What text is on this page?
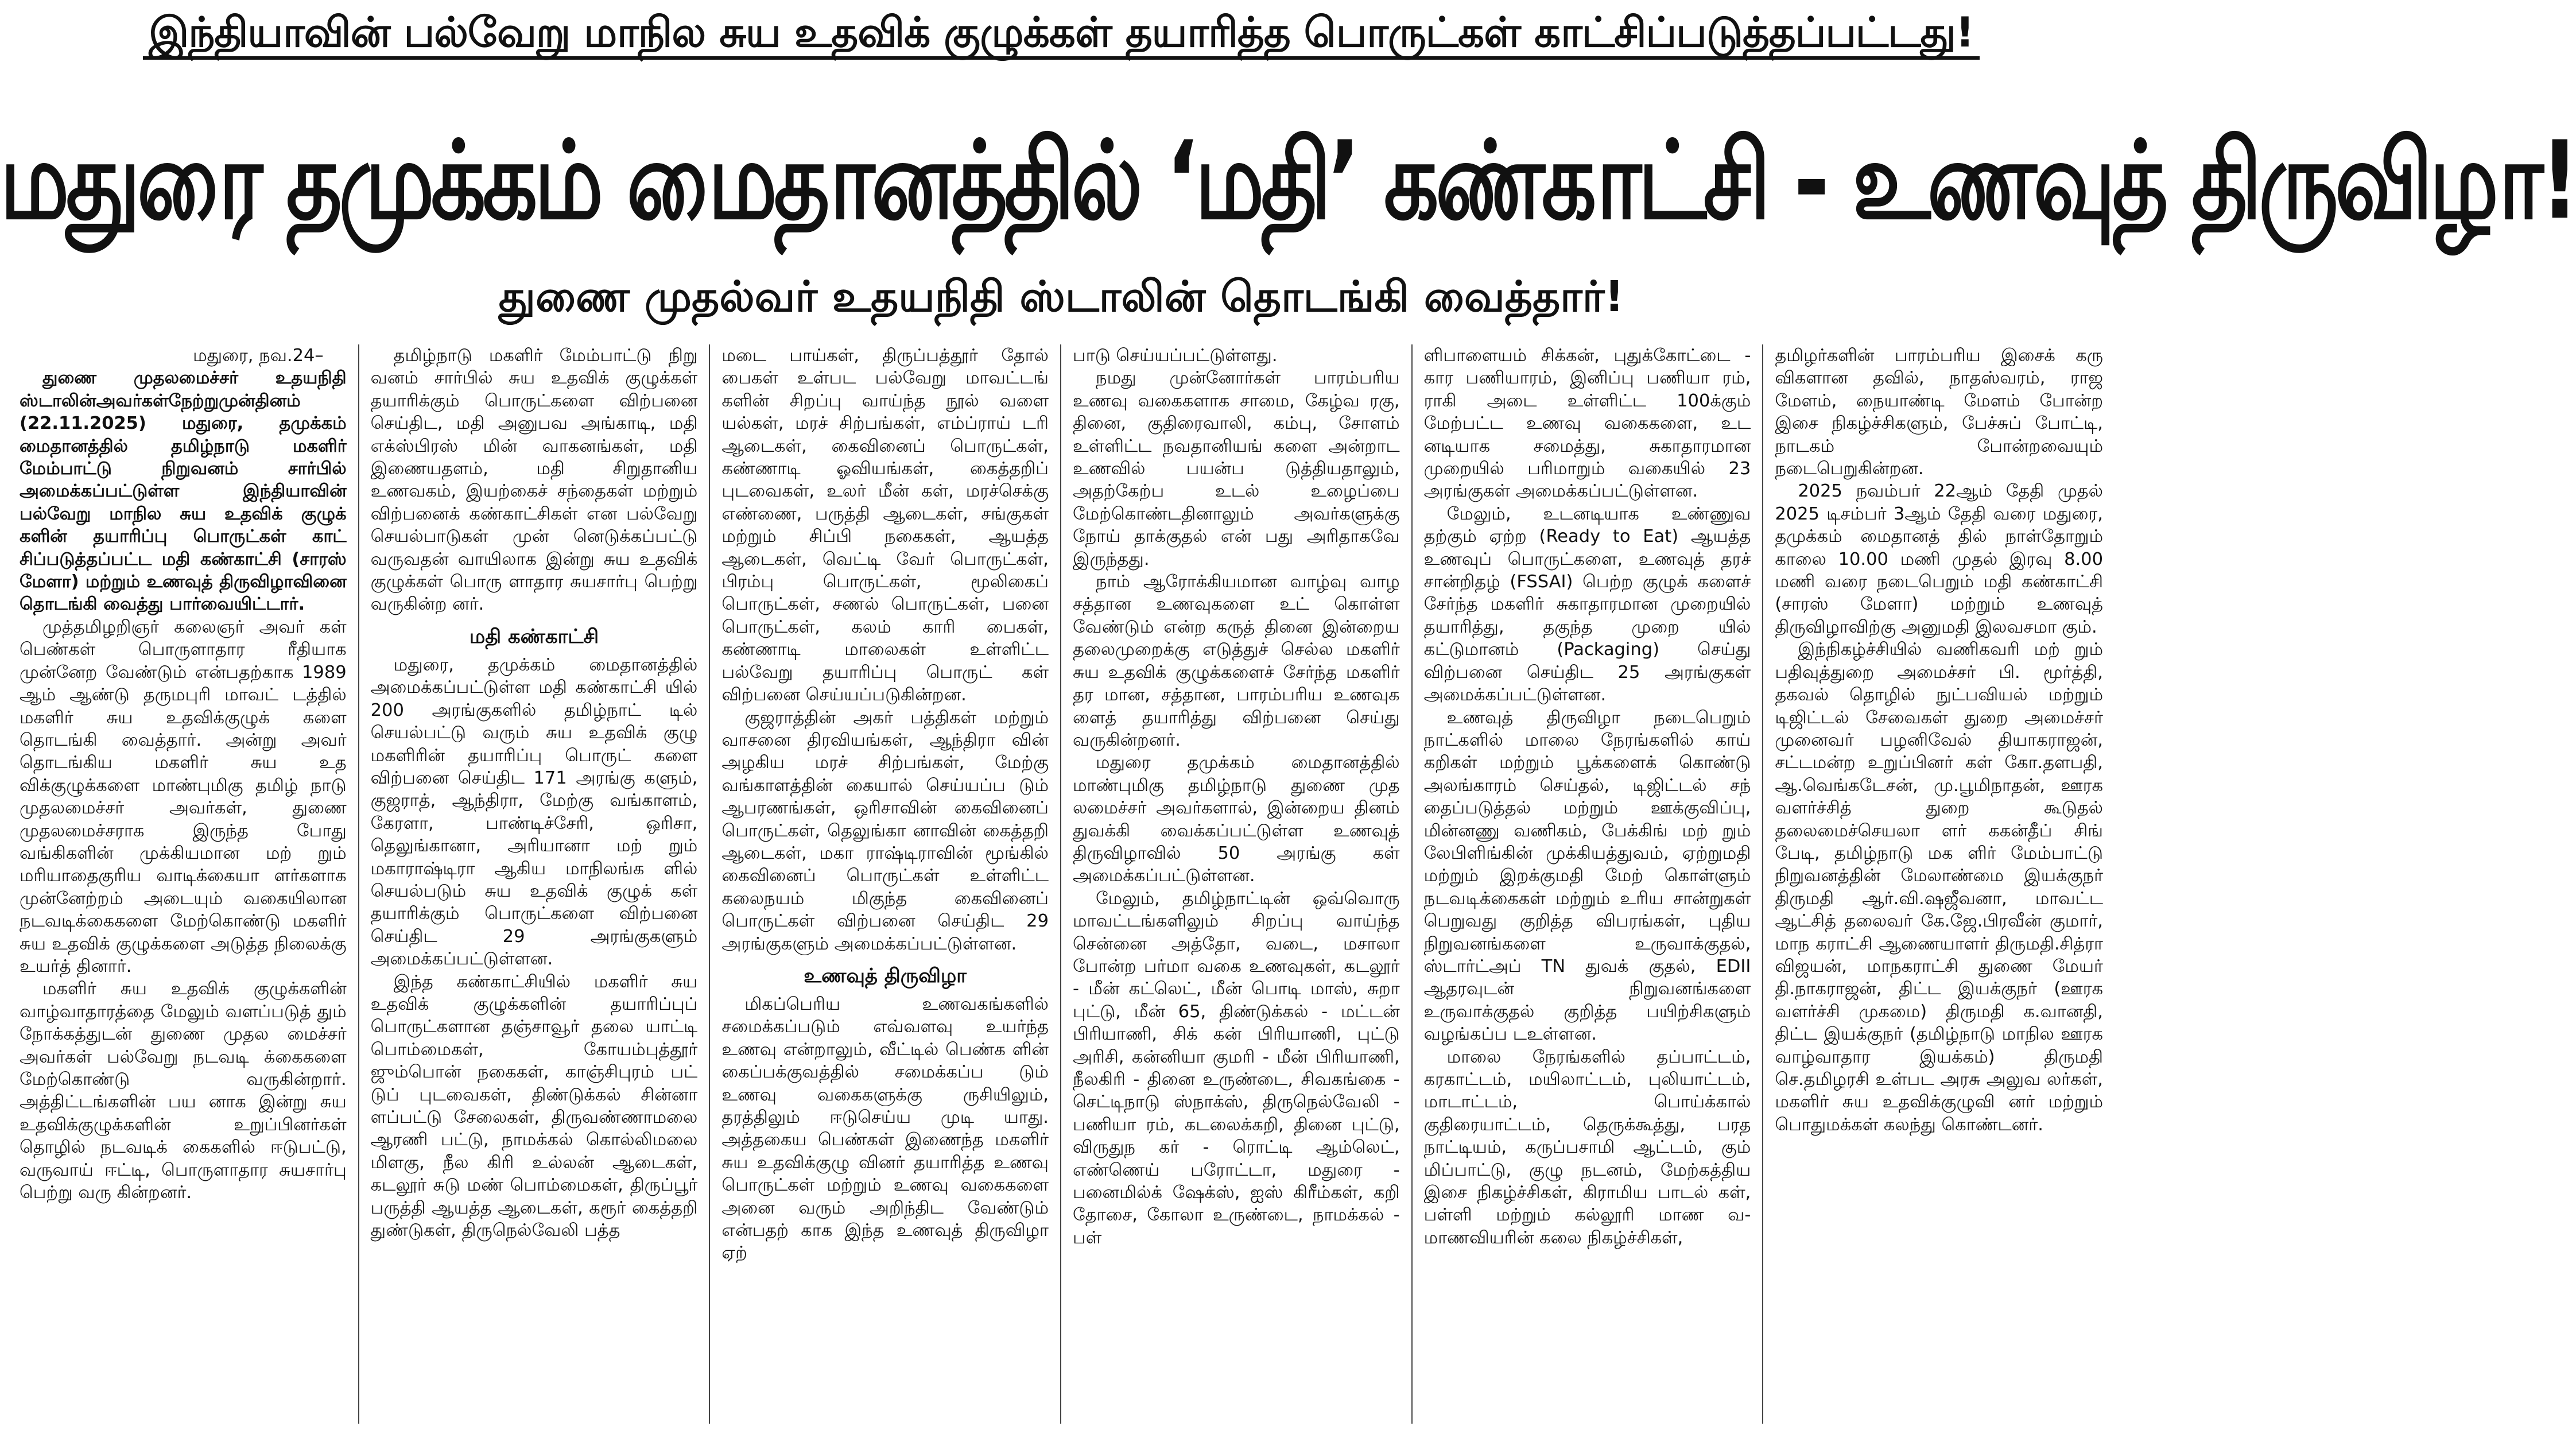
இந்தியாவின் பல்வேறு மாநில சுய உதவிக் குழுக்கள் தயாரித்த பொருட்கள் காட்சிப்படுத்தப்பட்டது!
மதுரை தமுக்கம் மைதானத்தில் ‘மதி’ கண்காட்சி - உணவுத் திருவிழா!
துணை முதல்வர் உதயநிதி ஸ்டாலின் தொடங்கி வைத்தார்!

மதுரை, நவ.24–

துணை முதலமைச்சர் உதயநிதி ஸ்டாலின்அவர்கள்நேற்றுமுன்தினம் (22.11.2025) மதுரை, தமுக்கம் மைதானத்தில் தமிழ்நாடு மகளிர் மேம்பாட்டு நிறுவனம் சார்பில் அமைக்கப்பட்டுள்ள இந்தியாவின் பல்வேறு மாநில சுய உதவிக் குழுக் களின் தயாரிப்பு பொருட்கள் காட் சிப்படுத்தப்பட்ட மதி கண்காட்சி (சாரஸ் மேளா) மற்றும் உணவுத் திருவிழாவினை தொடங்கி வைத்து பார்வையிட்டார்.

முத்தமிழறிஞர் கலைஞர் அவர் கள் பெண்கள் பொருளாதார ரீதியாக முன்னேற வேண்டும் என்பதற்காக 1989 ஆம் ஆண்டு தருமபுரி மாவட் டத்தில் மகளிர் சுய உதவிக்குழுக் களை தொடங்கி வைத்தார். அன்று அவர் தொடங்கிய மகளிர் சுய உத விக்குழுக்களை மாண்புமிகு தமிழ் நாடு முதலமைச்சர் அவர்கள், துணை முதலமைச்சராக இருந்த போது வங்கிகளின் முக்கியமான மற் றும் மரியாதைகுரிய வாடிக்கையா ளர்களாக முன்னேற்றம் அடையும் வகையிலான நடவடிக்கைகளை மேற்கொண்டு மகளிர் சுய உதவிக் குழுக்களை அடுத்த நிலைக்கு உயர்த் தினார்.

மகளிர் சுய உதவிக் குழுக்களின் வாழ்வாதாரத்தை மேலும் வளப்படுத் தும் நோக்கத்துடன் துணை முதல மைச்சர் அவர்கள் பல்வேறு நடவடி க்கைகளை மேற்கொண்டு வருகின்றார். அத்திட்டங்களின் பய னாக இன்று சுய உதவிக்குழுக்களின் உறுப்பினர்கள் தொழில் நடவடிக் கைகளில் ஈடுபட்டு, வருவாய் ஈட்டி, பொருளாதார சுயசார்பு பெற்று வரு கின்றனர்.

தமிழ்நாடு மகளிர் மேம்பாட்டு நிறு வனம் சார்பில் சுய உதவிக் குழுக்கள் தயாரிக்கும் பொருட்களை விற்பனை செய்திட, மதி அனுபவ அங்காடி, மதி எக்ஸ்பிரஸ் மின் வாகனங்கள், மதி இணையதளம், மதி சிறுதானிய உணவகம், இயற்கைச் சந்தைகள் மற்றும் விற்பனைக் கண்காட்சிகள் என பல்வேறு செயல்பாடுகள் முன் னெடுக்கப்பட்டு வருவதன் வாயிலாக இன்று சுய உதவிக் குழுக்கள் பொரு ளாதார சுயசார்பு பெற்று வருகின்ற னர்.

மதி கண்காட்சி

மதுரை, தமுக்கம் மைதானத்தில் அமைக்கப்பட்டுள்ள மதி கண்காட்சி யில் 200 அரங்குகளில் தமிழ்நாட் டில் செயல்பட்டு வரும் சுய உதவிக் குழு மகளிரின் தயாரிப்பு பொருட் களை விற்பனை செய்திட 171 அரங்கு களும், குஜராத், ஆந்திரா, மேற்கு வங்காளம், கேரளா, பாண்டிச்சேரி, ஒரிசா, தெலுங்கானா, அரியானா மற் றும் மகாராஷ்டிரா ஆகிய மாநிலங்க ளில் செயல்படும் சுய உதவிக் குழுக் கள் தயாரிக்கும் பொருட்களை விற்பனை செய்திட 29 அரங்குகளும் அமைக்கப்பட்டுள்ளன.

இந்த கண்காட்சியில் மகளிர் சுய உதவிக் குழுக்களின் தயாரிப்புப் பொருட்களான தஞ்சாவூர் தலை யாட்டி பொம்மைகள், கோயம்புத்தூர் ஜும்பொன் நகைகள், காஞ்சிபுரம் பட் டுப் புடவைகள், திண்டுக்கல் சின்னா ளப்பட்டு சேலைகள், திருவண்ணாமலை ஆரணி பட்டு, நாமக்கல் கொல்லிமலை மிளகு, நீல கிரி உல்லன் ஆடைகள், கடலூர் சுடு மண் பொம்மைகள், திருப்பூர் பருத்தி ஆயத்த ஆடைகள், கரூர் கைத்தறி துண்டுகள், திருநெல்வேலி பத்த

மடை பாய்கள், திருப்பத்தூர் தோல் பைகள் உள்பட பல்வேறு மாவட்டங் களின் சிறப்பு வாய்ந்த நூல் வளை யல்கள், மரச் சிற்பங்கள், எம்ப்ராய் டரி ஆடைகள், கைவினைப் பொருட்கள், கண்ணாடி ஓவியங்கள், கைத்தறிப் புடவைகள், உலர் மீன் கள், மரச்செக்கு எண்ணை, பருத்தி ஆடைகள், சங்குகள் மற்றும் சிப்பி நகைகள், ஆயத்த ஆடைகள், வெட்டி வேர் பொருட்கள், பிரம்பு பொருட்கள், மூலிகைப் பொருட்கள், சணல் பொருட்கள், பனை பொருட்கள், கலம் காரி பைகள், கண்ணாடி மாலைகள் உள்ளிட்ட பல்வேறு தயாரிப்பு பொருட் கள் விற்பனை செய்யப்படுகின்றன.

குஜராத்தின் அகர் பத்திகள் மற்றும் வாசனை திரவியங்கள், ஆந்திரா வின் அழகிய மரச் சிற்பங்கள், மேற்கு வங்காளத்தின் கையால் செய்யப்ப டும் ஆபரணங்கள், ஒரிசாவின் கைவினைப் பொருட்கள், தெலுங்கா னாவின் கைத்தறி ஆடைகள், மகா ராஷ்டிராவின் மூங்கில் கைவினைப் பொருட்கள் உள்ளிட்ட கலைநயம் மிகுந்த கைவினைப் பொருட்கள் விற்பனை செய்திட 29 அரங்குகளும் அமைக்கப்பட்டுள்ளன.

உணவுத் திருவிழா

மிகப்பெரிய உணவகங்களில் சமைக்கப்படும் எவ்வளவு உயர்ந்த உணவு என்றாலும், வீட்டில் பெண்க ளின் கைப்பக்குவத்தில் சமைக்கப்ப டும் உணவு வகைகளுக்கு ருசியிலும், தரத்திலும் ஈடுசெய்ய முடி யாது. அத்தகைய பெண்கள் இணைந்த மகளிர் சுய உதவிக்குழு வினர் தயாரித்த உணவு பொருட்கள் மற்றும் உணவு வகைகளை அனை வரும் அறிந்திட வேண்டும் என்பதற் காக இந்த உணவுத் திருவிழா ஏற்

பாடு செய்யப்பட்டுள்ளது.

நமது முன்னோர்கள் பாரம்பரிய உணவு வகைகளாக சாமை, கேழ்வ ரகு, தினை, குதிரைவாலி, கம்பு, சோளம் உள்ளிட்ட நவதானியங் களை அன்றாட உணவில் பயன்ப டுத்தியதாலும், அதற்கேற்ப உடல் உழைப்பை மேற்கொண்டதினாலும் அவர்களுக்கு நோய் தாக்குதல் என் பது அரிதாகவே இருந்தது.

நாம் ஆரோக்கியமான வாழ்வு வாழ சத்தான உணவுகளை உட் கொள்ள வேண்டும் என்ற கருத் தினை இன்றைய தலைமுறைக்கு எடுத்துச் செல்ல மகளிர் சுய உதவிக் குழுக்களைச் சேர்ந்த மகளிர் தர மான, சத்தான, பாரம்பரிய உணவுக ளைத் தயாரித்து விற்பனை செய்து வருகின்றனர்.

மதுரை தமுக்கம் மைதானத்தில் மாண்புமிகு தமிழ்நாடு துணை முத லமைச்சர் அவர்களால், இன்றைய தினம் துவக்கி வைக்கப்பட்டுள்ள உணவுத் திருவிழாவில் 50 அரங்கு கள் அமைக்கப்பட்டுள்ளன.

மேலும், தமிழ்நாட்டின் ஒவ்வொரு மாவட்டங்களிலும் சிறப்பு வாய்ந்த சென்னை அத்தோ, வடை, மசாலா போன்ற பர்மா வகை உணவுகள், கடலூர் - மீன் கட்லெட், மீன் பொடி மாஸ், சுறா புட்டு, மீன் 65, திண்டுக்கல் - மட்டன் பிரியாணி, சிக் கன் பிரியாணி, புட்டு அரிசி, கன்னியா குமரி - மீன் பிரியாணி, நீலகிரி - தினை உருண்டை, சிவகங்கை - செட்டிநாடு ஸ்நாக்ஸ், திருநெல்வேலி - பணியா ரம், கடலைக்கறி, தினை புட்டு, விருதுந கர் - ரொட்டி ஆம்லெட், எண்ணெய் பரோட்டா, மதுரை - பனைமில்க் ஷேக்ஸ், ஐஸ் கிரீம்கள், கறி தோசை, கோலா உருண்டை, நாமக்கல் - பள்

ளிபாளையம் சிக்கன், புதுக்கோட்டை - கார பணியாரம், இனிப்பு பணியா ரம், ராகி அடை உள்ளிட்ட 100க்கும் மேற்பட்ட உணவு வகைகளை, உட னடியாக சமைத்து, சுகாதாரமான முறையில் பரிமாறும் வகையில் 23 அரங்குகள் அமைக்கப்பட்டுள்ளன.

மேலும், உடனடியாக உண்ணுவ தற்கும் ஏற்ற (Ready to Eat) ஆயத்த உணவுப் பொருட்களை, உணவுத் தரச் சான்றிதழ் (FSSAI) பெற்ற குழுக் களைச் சேர்ந்த மகளிர் சுகாதாரமான முறையில் தயாரித்து, தகுந்த முறை யில் கட்டுமானம் (Packaging) செய்து விற்பனை செய்திட 25 அரங்குகள் அமைக்கப்பட்டுள்ளன.

உணவுத் திருவிழா நடைபெறும் நாட்களில் மாலை நேரங்களில் காய் கறிகள் மற்றும் பூக்களைக் கொண்டு அலங்காரம் செய்தல், டிஜிட்டல் சந் தைப்படுத்தல் மற்றும் ஊக்குவிப்பு, மின்னணு வணிகம், பேக்கிங் மற் றும் லேபிளிங்கின் முக்கியத்துவம், ஏற்றுமதி மற்றும் இறக்குமதி மேற் கொள்ளும் நடவடிக்கைகள் மற்றும் உரிய சான்றுகள் பெறுவது குறித்த விபரங்கள், புதிய நிறுவனங்களை உருவாக்குதல், ஸ்டார்ட்அப் TN துவக் குதல், EDII ஆதரவுடன் நிறுவனங்களை உருவாக்குதல் குறித்த பயிற்சிகளும் வழங்கப்ப டஉள்ளன.

மாலை நேரங்களில் தப்பாட்டம், கரகாட்டம், மயிலாட்டம், புலியாட்டம், மாடாட்டம், பொய்க்கால் குதிரையாட்டம், தெருக்கூத்து, பரத நாட்டியம், கருப்பசாமி ஆட்டம், கும் மிப்பாட்டு, குழு நடனம், மேற்கத்திய இசை நிகழ்ச்சிகள், கிராமிய பாடல் கள், பள்ளி மற்றும் கல்லூரி மாண வ-மாணவியரின் கலை நிகழ்ச்சிகள்,

தமிழர்களின் பாரம்பரிய இசைக் கரு விகளான தவில், நாதஸ்வரம், ராஜ மேளம், நையாண்டி மேளம் போன்ற இசை நிகழ்ச்சிகளும், பேச்சுப் போட்டி, நாடகம் போன்றவையும் நடைபெறுகின்றன.

2025 நவம்பர் 22ஆம் தேதி முதல் 2025 டிசம்பர் 3ஆம் தேதி வரை மதுரை, தமுக்கம் மைதானத் தில் நாள்தோறும் காலை 10.00 மணி முதல் இரவு 8.00 மணி வரை நடைபெறும் மதி கண்காட்சி (சாரஸ் மேளா) மற்றும் உணவுத் திருவிழாவிற்கு அனுமதி இலவசமா கும்.

இந்நிகழ்ச்சியில் வணிகவரி மற் றும் பதிவுத்துறை அமைச்சர் பி. மூர்த்தி, தகவல் தொழில் நுட்பவியல் மற்றும் டிஜிட்டல் சேவைகள் துறை அமைச்சர் முனைவர் பழனிவேல் தியாகராஜன், சட்டமன்ற உறுப்பினர் கள் கோ.தளபதி, ஆ.வெங்கடேசன், மு.பூமிநாதன், ஊரக வளர்ச்சித் துறை கூடுதல் தலைமைச்செயலா ளர் ககன்தீப் சிங் பேடி, தமிழ்நாடு மக ளிர் மேம்பாட்டு நிறுவனத்தின் மேலாண்மை இயக்குநர் திருமதி ஆர்.வி.ஷஜீவனா, மாவட்ட ஆட்சித் தலைவர் கே.ஜே.பிரவீன் குமார், மாந கராட்சி ஆணையாளர் திருமதி.சித்ரா விஜயன், மாநகராட்சி துணை மேயர் தி.நாகராஜன், திட்ட இயக்குநர் (ஊரக வளர்ச்சி முகமை) திருமதி க.வானதி, திட்ட இயக்குநர் (தமிழ்நாடு மாநில ஊரக வாழ்வாதார இயக்கம்) திருமதி செ.தமிழரசி உள்பட அரசு அலுவ லர்கள், மகளிர் சுய உதவிக்குழுவி னர் மற்றும் பொதுமக்கள் கலந்து கொண்டனர்.
